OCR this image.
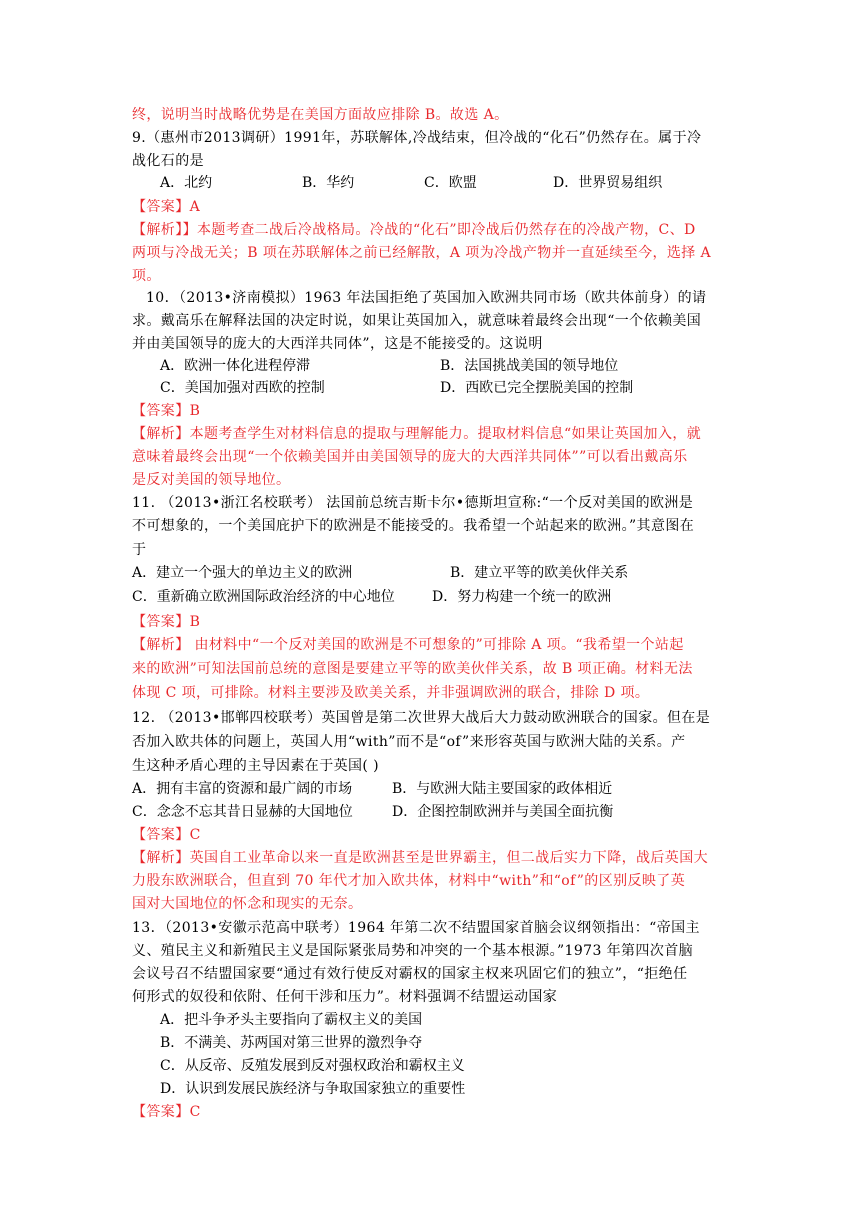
终，说明当时战略优势是在美国方面故应排除 B。故选 A。
9.（惠州市2013调研）1991年，苏联解体,冷战结束，但冷战的“化石”仍然存在。属于冷
战化石的是
A．北约	B．华约	C．欧盟	D．世界贸易组织
【答案】A
【解析】】本题考查二战后冷战格局。冷战的“化石”即冷战后仍然存在的冷战产物，C、D
两项与冷战无关；B 项在苏联解体之前已经解散，A 项为冷战产物并一直延续至今，选择 A
项。
10．（2013•济南模拟）1963 年法国拒绝了英国加入欧洲共同市场（欧共体前身）的请
求。戴高乐在解释法国的决定时说，如果让英国加入，就意味着最终会出现“一个依赖美国
并由美国领导的庞大的大西洋共同体”，这是不能接受的。这说明
A．欧洲一体化进程停滞	B．法国挑战美国的领导地位
C．美国加强对西欧的控制	D．西欧已完全摆脱美国的控制
【答案】B
【解析】本题考查学生对材料信息的提取与理解能力。提取材料信息“如果让英国加入，就
意味着最终会出现“一个依赖美国并由美国领导的庞大的大西洋共同体””可以看出戴高乐
是反对美国的领导地位。
11. （2013•浙江名校联考） 法国前总统吉斯卡尔•德斯坦宣称:“一个反对美国的欧洲是
不可想象的，一个美国庇护下的欧洲是不能接受的。我希望一个站起来的欧洲。”其意图在
于
A．建立一个强大的单边主义的欧洲	B．建立平等的欧美伙伴关系
C．重新确立欧洲国际政治经济的中心地位	D．努力构建一个统一的欧洲
【答案】B
【解析】 由材料中“一个反对美国的欧洲是不可想象的”可排除 A 项。“我希望一个站起
来的欧洲”可知法国前总统的意图是要建立平等的欧美伙伴关系，故 B 项正确。材料无法
体现 C 项，可排除。材料主要涉及欧美关系，并非强调欧洲的联合，排除 D 项。
12. （2013•邯郸四校联考）英国曾是第二次世界大战后大力鼓动欧洲联合的国家。但在是
否加入欧共体的问题上，英国人用“with”而不是“of”来形容英国与欧洲大陆的关系。产
生这种矛盾心理的主导因素在于英国( )
A．拥有丰富的资源和最广阔的市场	B．与欧洲大陆主要国家的政体相近
C．念念不忘其昔日显赫的大国地位	D．企图控制欧洲并与美国全面抗衡
【答案】C
【解析】英国自工业革命以来一直是欧洲甚至是世界霸主，但二战后实力下降，战后英国大
力股东欧洲联合，但直到 70 年代才加入欧共体，材料中“with”和“of”的区别反映了英
国对大国地位的怀念和现实的无奈。
13．（2013•安徽示范高中联考）1964 年第二次不结盟国家首脑会议纲领指出：“帝国主
义、殖民主义和新殖民主义是国际紧张局势和冲突的一个基本根源。”1973 年第四次首脑
会议号召不结盟国家要“通过有效行使反对霸权的国家主权来巩固它们的独立”，“拒绝任
何形式的奴役和依附、任何干涉和压力”。材料强调不结盟运动国家
A．把斗争矛头主要指向了霸权主义的美国
B．不满美、苏两国对第三世界的激烈争夺
C．从反帝、反殖发展到反对强权政治和霸权主义
D．认识到发展民族经济与争取国家独立的重要性
【答案】C
